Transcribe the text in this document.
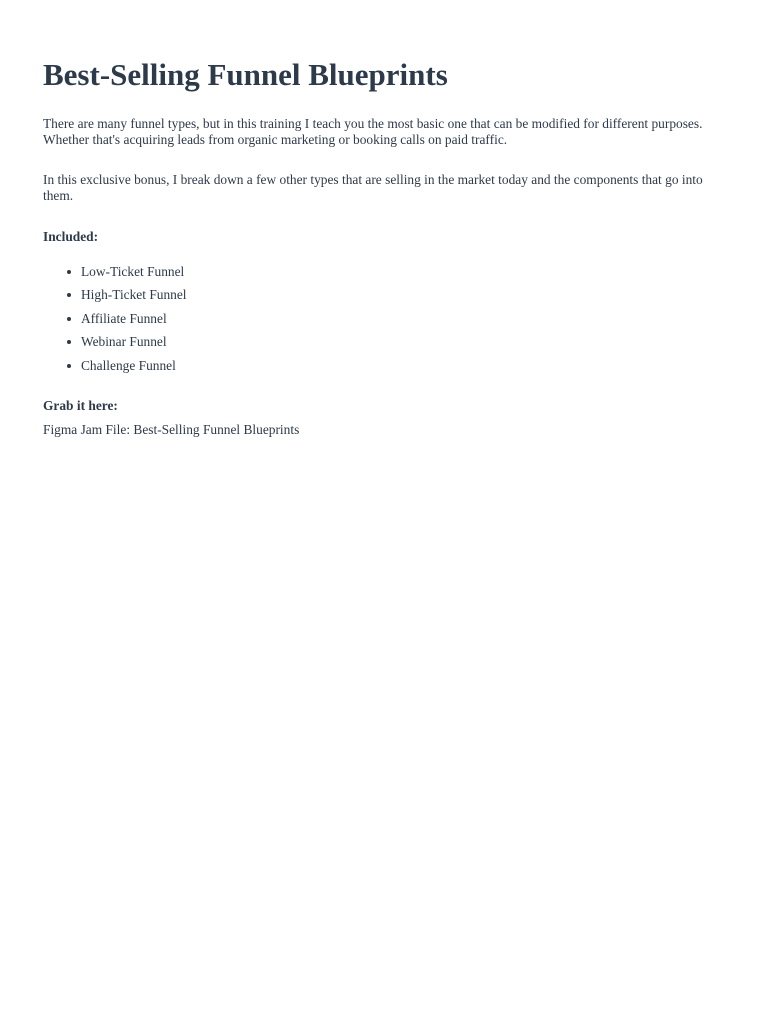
Best-Selling Funnel Blueprints

There are many funnel types, but in this training I teach you the most basic one that can be modified for different purposes. Whether that's acquiring leads from organic marketing or booking calls on paid traffic.

In this exclusive bonus, I break down a few other types that are selling in the market today and the components that go into them.

Included:

Low-Ticket Funnel
High-Ticket Funnel
Affiliate Funnel
Webinar Funnel
Challenge Funnel

Grab it here:

Figma Jam File: Best-Selling Funnel Blueprints
